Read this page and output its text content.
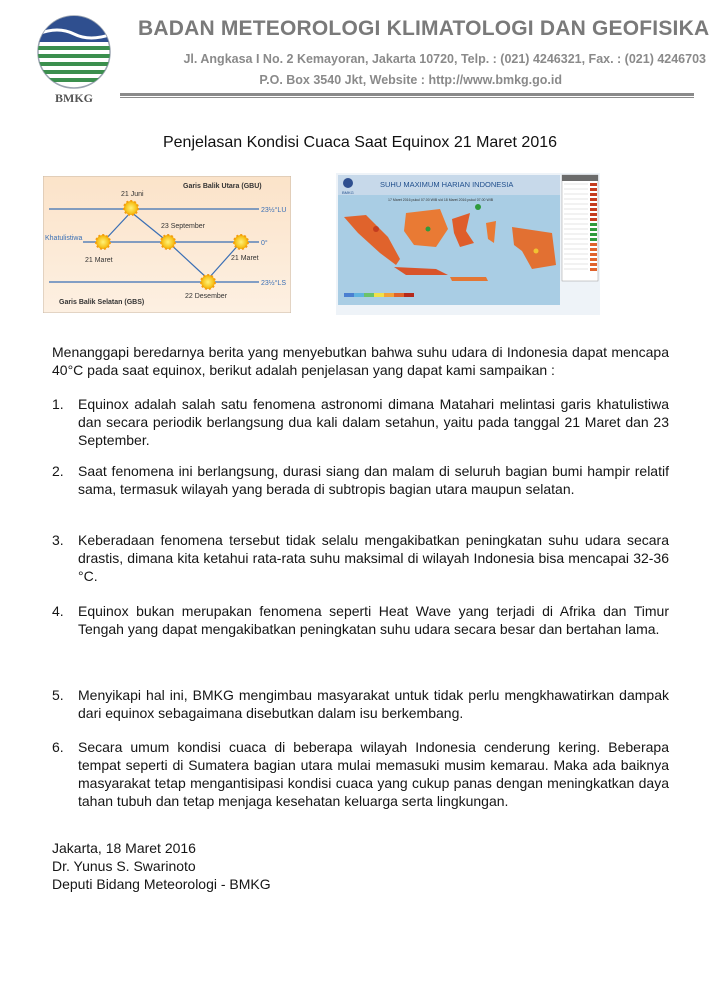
BMKG
BADAN METEOROLOGI KLIMATOLOGI DAN GEOFISIKA
Jl. Angkasa I No. 2 Kemayoran, Jakarta 10720, Telp. : (021) 4246321, Fax. : (021) 4246703
P.O. Box 3540 Jkt, Website : http://www.bmkg.go.id
Penjelasan Kondisi Cuaca Saat Equinox 21 Maret 2016
Garis Balik Utara (GBU)
Garis Balik Selatan (GBS)
Khatulistiwa
21 Juni
23 September
21 Maret	21 Maret
22 Desember
23½°LU
0°
23½°LS
SUHU MAXIMUM HARIAN INDONESIA
17 Maret 2016 pukul 07.00 WIB s/d 18 Maret 2016 pukul 07.00 WIB
BMKG
Menanggapi beredarnya berita yang menyebutkan bahwa suhu udara di Indonesia dapat mencapa 40°C pada saat equinox, berikut adalah penjelasan yang dapat kami sampaikan :
1. Equinox adalah salah satu fenomena astronomi dimana Matahari melintasi garis khatulistiwa dan secara periodik berlangsung dua kali dalam setahun, yaitu pada tanggal 21 Maret dan 23 September.
2. Saat fenomena ini berlangsung, durasi siang dan malam di seluruh bagian bumi hampir relatif sama, termasuk wilayah yang berada di subtropis bagian utara maupun selatan.
3. Keberadaan fenomena tersebut tidak selalu mengakibatkan peningkatan suhu udara secara drastis, dimana kita ketahui rata-rata suhu maksimal di wilayah Indonesia bisa mencapai 32-36 °C.
4. Equinox bukan merupakan fenomena seperti Heat Wave yang terjadi di Afrika dan Timur Tengah yang dapat mengakibatkan peningkatan suhu udara secara besar dan bertahan lama.
5. Menyikapi hal ini, BMKG mengimbau masyarakat untuk tidak perlu mengkhawatirkan dampak dari equinox sebagaimana disebutkan dalam isu berkembang.
6. Secara umum kondisi cuaca di beberapa wilayah Indonesia cenderung kering. Beberapa tempat seperti di Sumatera bagian utara mulai memasuki musim kemarau. Maka ada baiknya masyarakat tetap mengantisipasi kondisi cuaca yang cukup panas dengan meningkatkan daya tahan tubuh dan tetap menjaga kesehatan keluarga serta lingkungan.
Jakarta, 18 Maret 2016
Dr. Yunus S. Swarinoto
Deputi Bidang Meteorologi - BMKG
